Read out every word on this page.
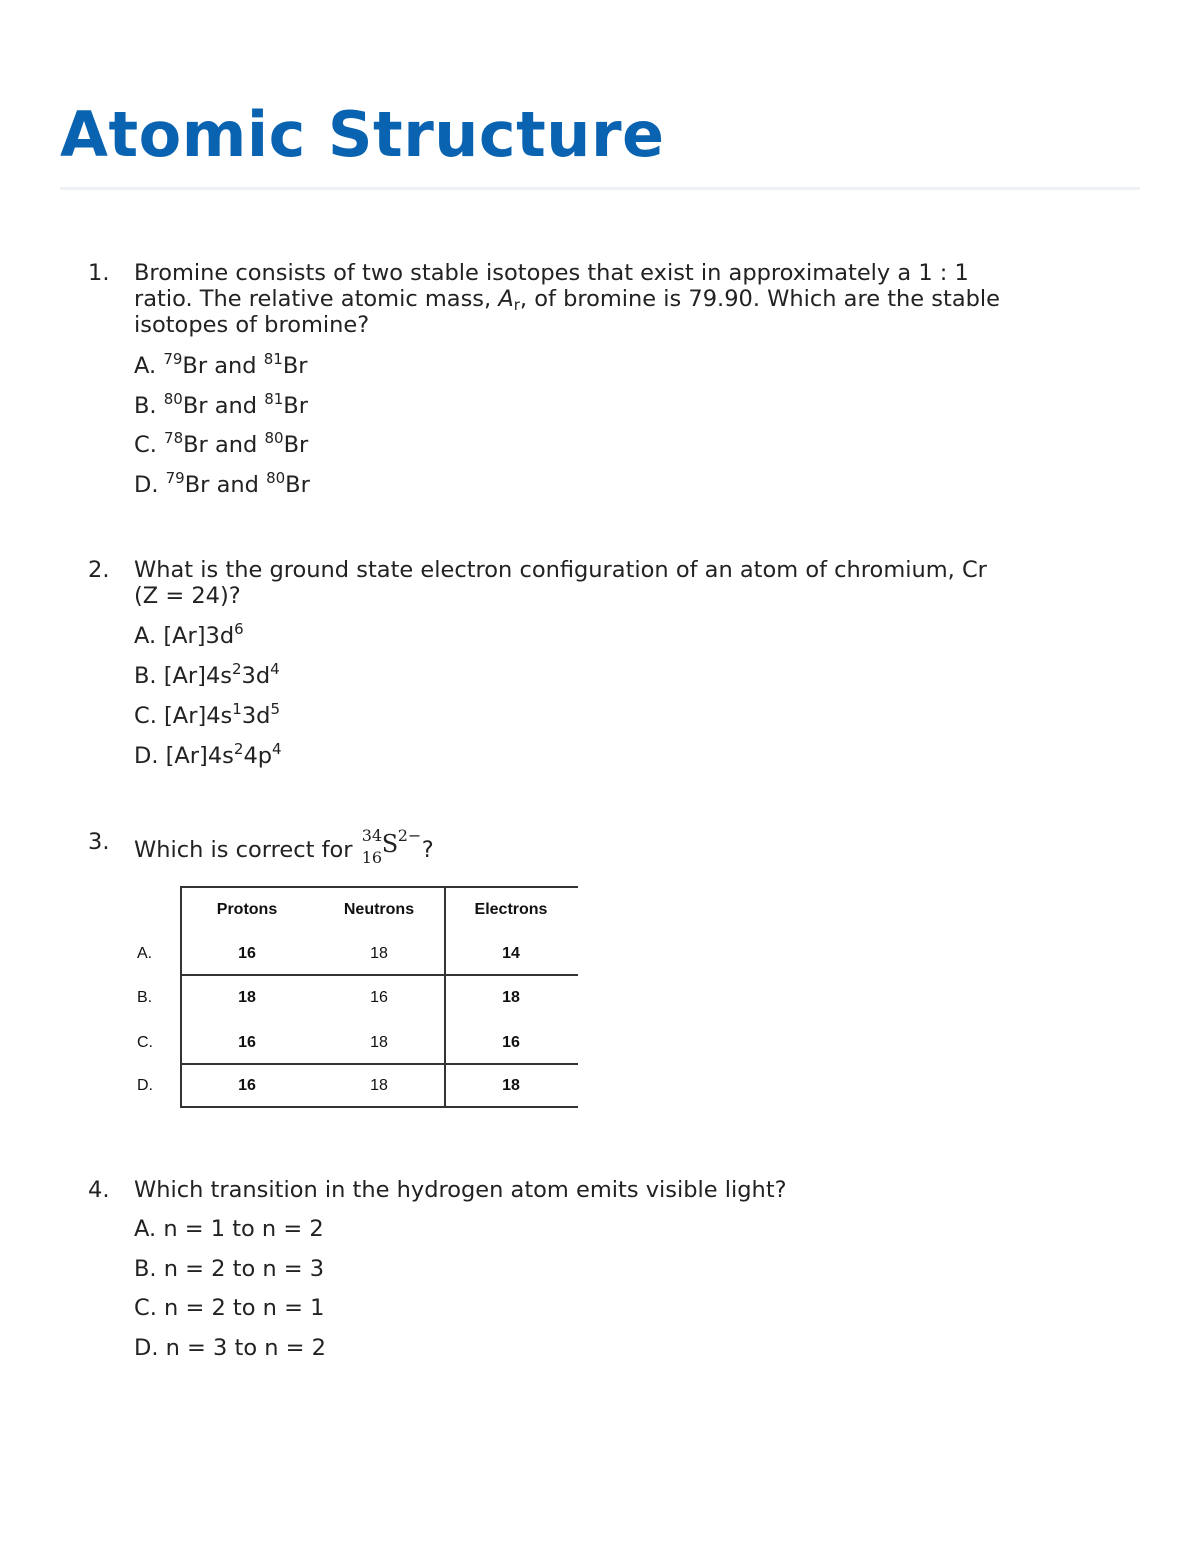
Atomic Structure
1. Bromine consists of two stable isotopes that exist in approximately a 1 : 1 ratio. The relative atomic mass, $A_r$, of bromine is 79.90. Which are the stable isotopes of bromine?
A. $^{79}$Br and $^{81}$Br
B. $^{80}$Br and $^{81}$Br
C. $^{78}$Br and $^{80}$Br
D. $^{79}$Br and $^{80}$Br
2. What is the ground state electron configuration of an atom of chromium, Cr (Z = 24)?
A. $[Ar]3d^6$
B. $[Ar]4s^23d^4$
C. $[Ar]4s^13d^5$
D. $[Ar]4s^24p^4$
3. Which is correct for
34
16 S 2−
?
Protons	Neutrons	Electrons
A.	16	18	14
B.	18	16	18
C.	16	18	16
D.	16	18	18
4. Which transition in the hydrogen atom emits visible light?
A. n = 1 to n = 2
B. n = 2 to n = 3
C. n = 2 to n = 1
D. n = 3 to n = 2
